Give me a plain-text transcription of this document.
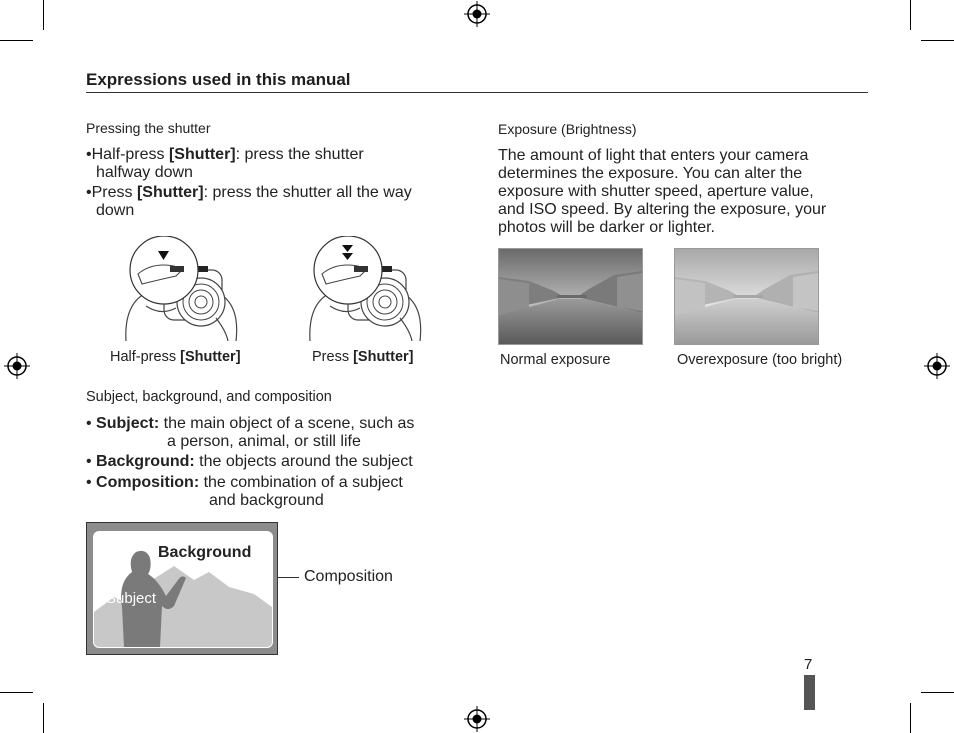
Expressions used in this manual
Pressing the shutter
•Half-press [Shutter]: press the shutter
halfway down
•Press [Shutter]: press the shutter all the way
down
Half-press [Shutter]	Press [Shutter]
Subject, background, and composition
• Subject: the main object of a scene, such as
a person, animal, or still life
• Background: the objects around the subject
• Composition: the combination of a subject
and background
Background
Subject
Composition
Exposure (Brightness)
The amount of light that enters your camera
determines the exposure. You can alter the
exposure with shutter speed, aperture value,
and ISO speed. By altering the exposure, your
photos will be darker or lighter.
Normal exposure	Overexposure (too bright)
7
